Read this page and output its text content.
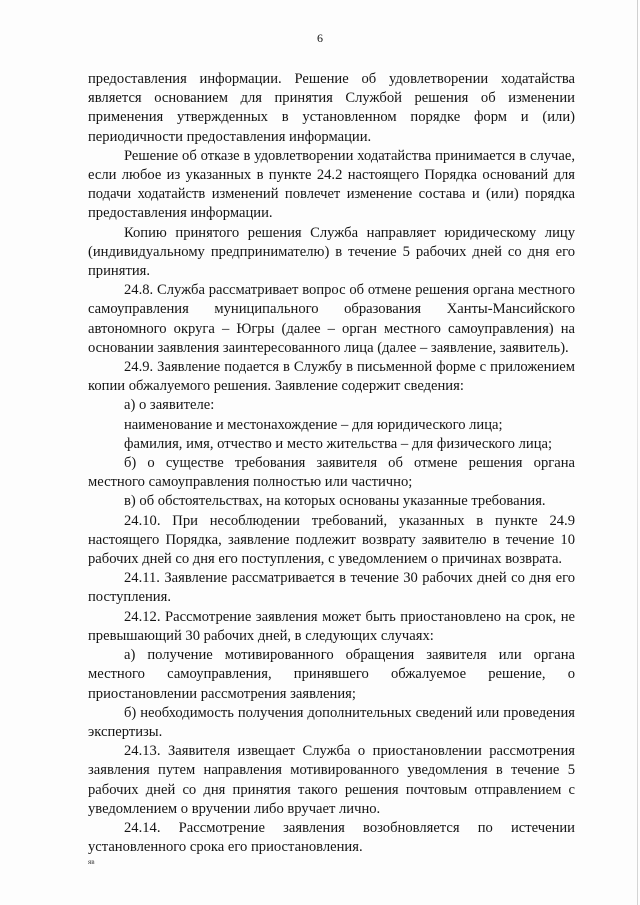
6

предоставления информации. Решение об удовлетворении ходатайства является основанием для принятия Службой решения об изменении применения утвержденных в установленном порядке форм и (или) периодичности предоставления информации.

Решение об отказе в удовлетворении ходатайства принимается в случае, если любое из указанных в пункте 24.2 настоящего Порядка оснований для подачи ходатайств изменений повлечет изменение состава и (или) порядка предоставления информации.

Копию принятого решения Служба направляет юридическому лицу (индивидуальному предпринимателю) в течение 5 рабочих дней со дня его принятия.

24.8. Служба рассматривает вопрос об отмене решения органа местного самоуправления муниципального образования Ханты-Мансийского автономного округа – Югры (далее – орган местного самоуправления) на основании заявления заинтересованного лица (далее – заявление, заявитель).

24.9. Заявление подается в Службу в письменной форме с приложением копии обжалуемого решения. Заявление содержит сведения:

а) о заявителе:

наименование и местонахождение – для юридического лица;

фамилия, имя, отчество и место жительства – для физического лица;

б) о существе требования заявителя об отмене решения органа местного самоуправления полностью или частично;

в) об обстоятельствах, на которых основаны указанные требования.

24.10. При несоблюдении требований, указанных в пункте 24.9 настоящего Порядка, заявление подлежит возврату заявителю в течение 10 рабочих дней со дня его поступления, с уведомлением о причинах возврата.

24.11. Заявление рассматривается в течение 30 рабочих дней со дня его поступления.

24.12. Рассмотрение заявления может быть приостановлено на срок, не превышающий 30 рабочих дней, в следующих случаях:

а) получение мотивированного обращения заявителя или органа местного самоуправления, принявшего обжалуемое решение, о приостановлении рассмотрения заявления;

б) необходимость получения дополнительных сведений или проведения экспертизы.

24.13. Заявителя извещает Служба о приостановлении рассмотрения заявления путем направления мотивированного уведомления в течение 5 рабочих дней со дня принятия такого решения почтовым отправлением с уведомлением о вручении либо вручает лично.

24.14. Рассмотрение заявления возобновляется по истечении установленного срока его приостановления.

яв
